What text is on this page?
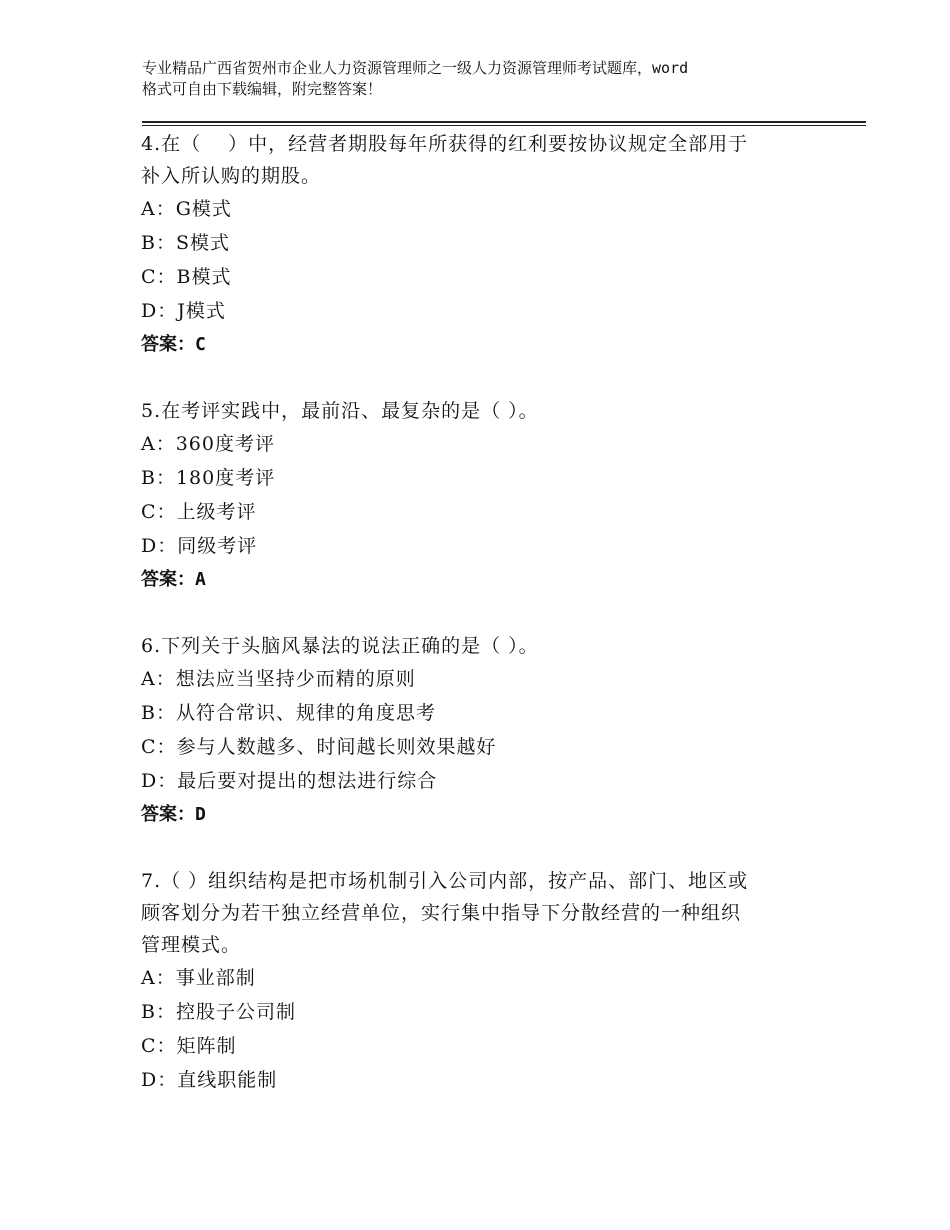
专业精品广西省贺州市企业人力资源管理师之一级人力资源管理师考试题库，word
格式可自由下载编辑，附完整答案！
4.在（　 ）中，经营者期股每年所获得的红利要按协议规定全部用于
补入所认购的期股。
A：G模式
B：S模式
C：B模式
D：J模式
答案：C
5.在考评实践中，最前沿、最复杂的是（ ）。
A：360度考评
B：180度考评
C：上级考评
D：同级考评
答案：A
6.下列关于头脑风暴法的说法正确的是（ ）。
A：想法应当坚持少而精的原则
B：从符合常识、规律的角度思考
C：参与人数越多、时间越长则效果越好
D：最后要对提出的想法进行综合
答案：D
7.（ ）组织结构是把市场机制引入公司内部，按产品、部门、地区或
顾客划分为若干独立经营单位，实行集中指导下分散经营的一种组织
管理模式。
A：事业部制
B：控股子公司制
C：矩阵制
D：直线职能制
